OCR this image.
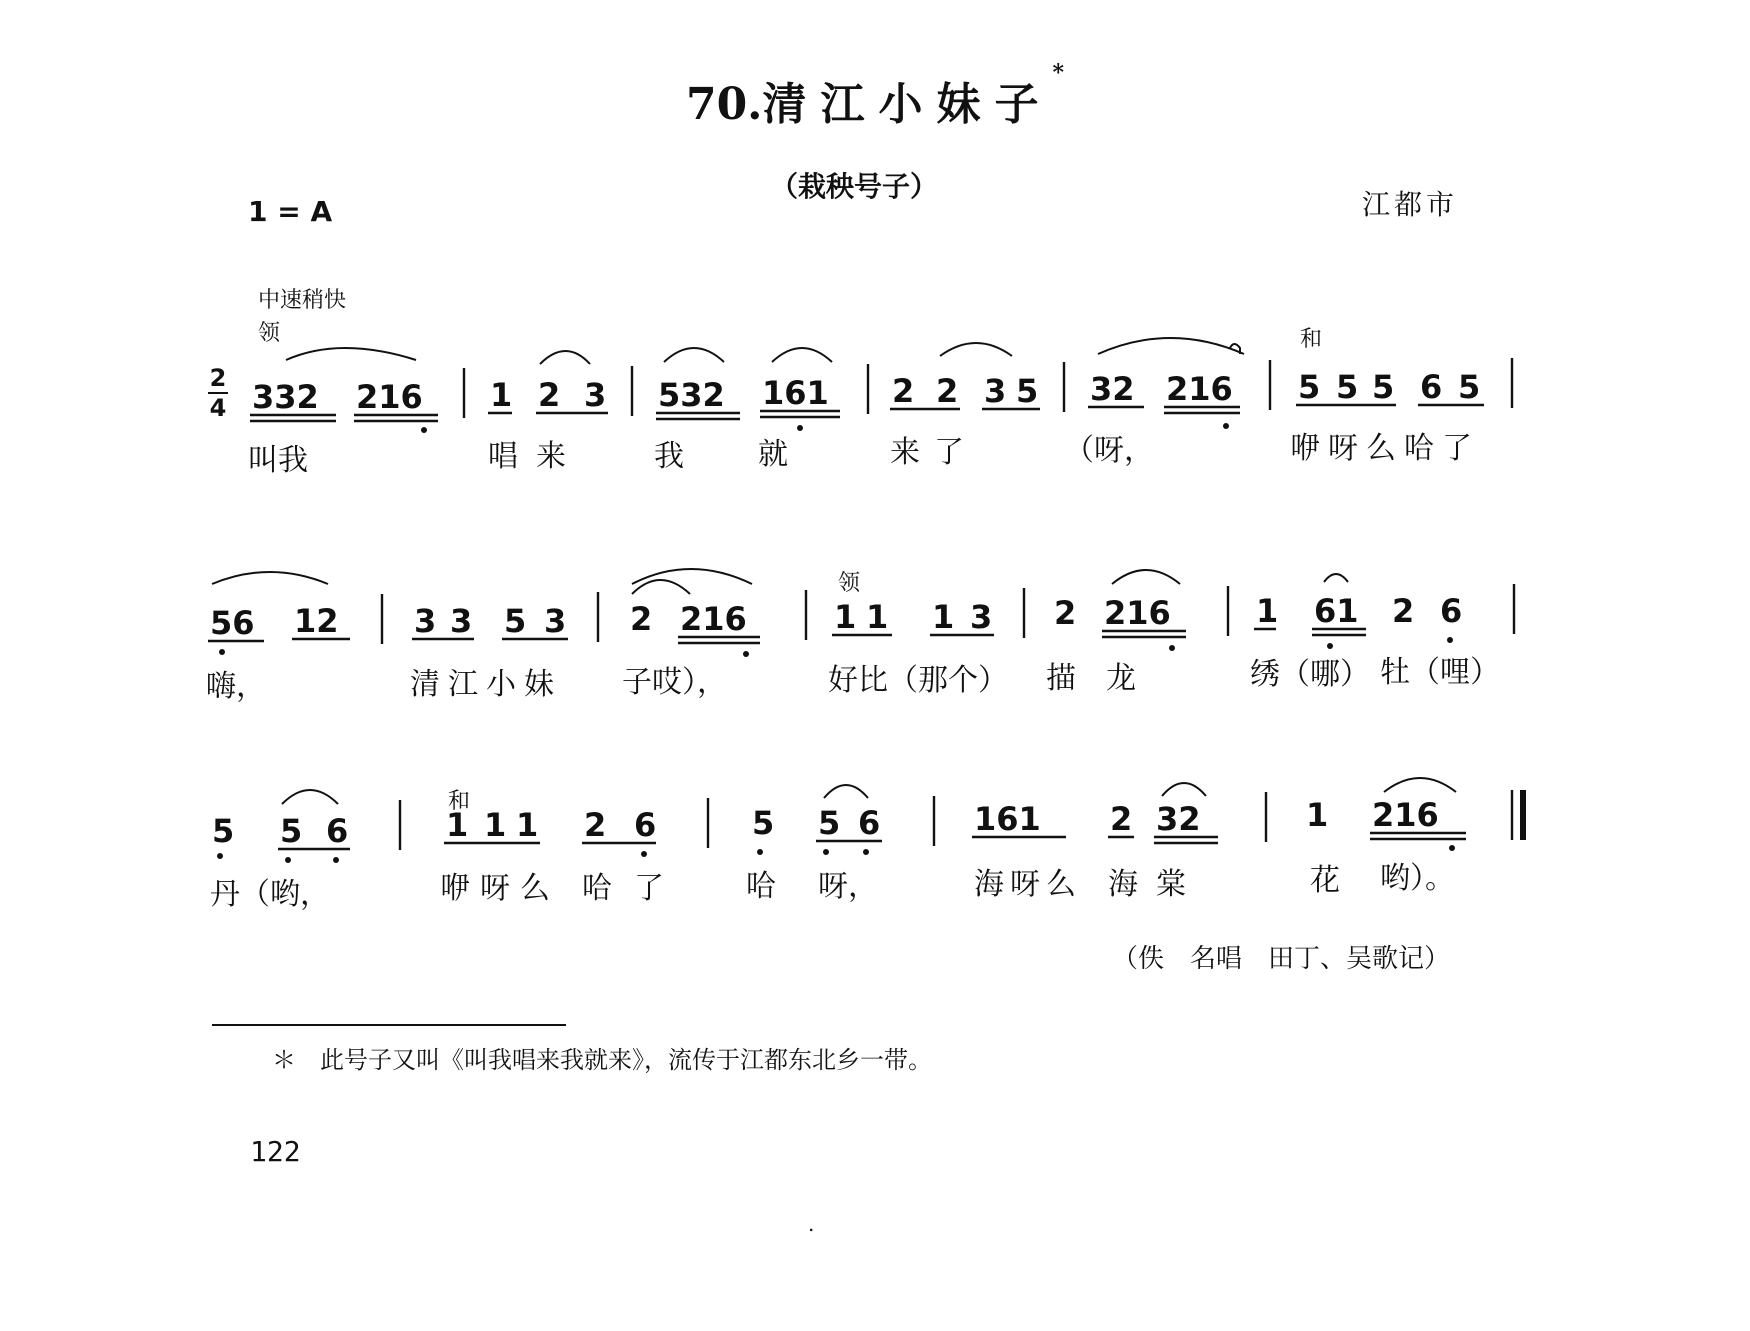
70.清江小妹子*
（栽秧号子）
1 = A	江都市
中速稍快
领	和
领
和
2
4 332 216 1 2 3 532 161 2 2 3 5 32 216 5 5 5 6 5
56 12 3 3 5 3 2 216	1 1 1 3 2 216	1 61 2 6
5 5 6	1 1 1 2 6	5 5 6	161 2 32	1 216
叫我	唱来 我 就	来了	（呀，	咿呀么哈了
嗨，	清江小妹 子哎），	好比（那个） 描 龙	绣（哪） 牡（哩）
丹（哟，	咿呀么 哈 了	哈 呀，	海呀么 海 棠	花 哟）。
（佚　名唱　田丁、吴歌记）
＊　此号子又叫《叫我唱来我就来》，流传于江都东北乡一带。
122
.
